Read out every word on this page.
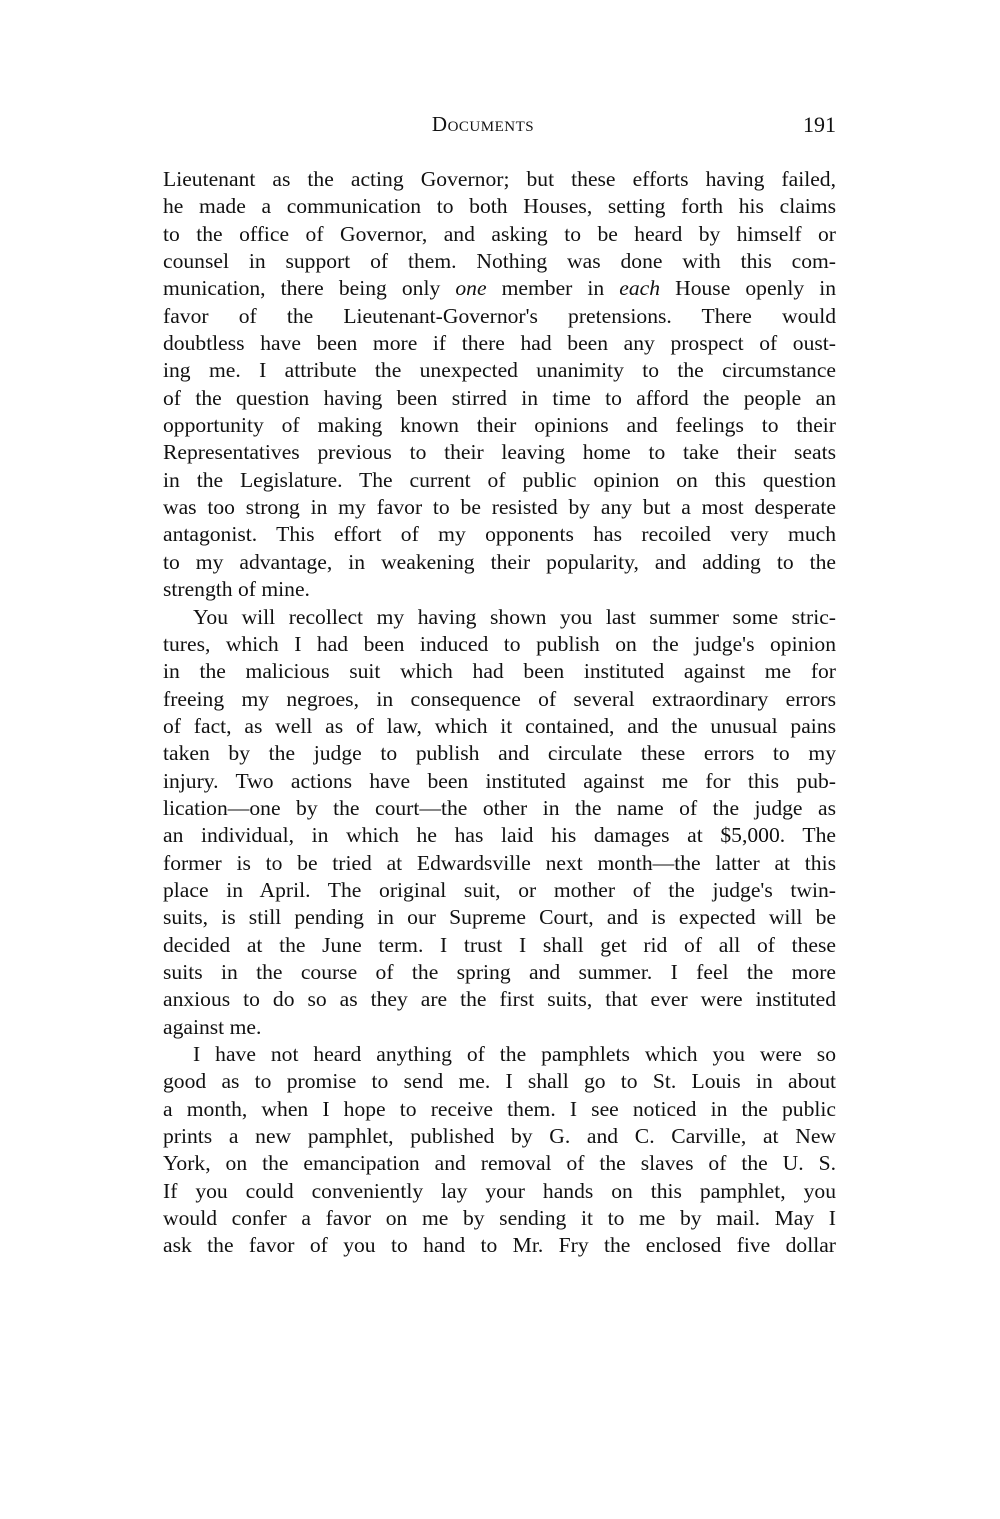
Documents	191
Lieutenant as the acting Governor; but these efforts having failed,
he made a communication to both Houses, setting forth his claims
to the office of Governor, and asking to be heard by himself or
counsel in support of them. Nothing was done with this com-
munication, there being only one member in each House openly in
favor of the Lieutenant-Governor's pretensions. There would
doubtless have been more if there had been any prospect of oust-
ing me. I attribute the unexpected unanimity to the circumstance
of the question having been stirred in time to afford the people an
opportunity of making known their opinions and feelings to their
Representatives previous to their leaving home to take their seats
in the Legislature. The current of public opinion on this question
was too strong in my favor to be resisted by any but a most desperate
antagonist. This effort of my opponents has recoiled very much
to my advantage, in weakening their popularity, and adding to the
strength of mine.
You will recollect my having shown you last summer some stric-
tures, which I had been induced to publish on the judge's opinion
in the malicious suit which had been instituted against me for
freeing my negroes, in consequence of several extraordinary errors
of fact, as well as of law, which it contained, and the unusual pains
taken by the judge to publish and circulate these errors to my
injury. Two actions have been instituted against me for this pub-
lication—one by the court—the other in the name of the judge as
an individual, in which he has laid his damages at $5,000. The
former is to be tried at Edwardsville next month—the latter at this
place in April. The original suit, or mother of the judge's twin-
suits, is still pending in our Supreme Court, and is expected will be
decided at the June term. I trust I shall get rid of all of these
suits in the course of the spring and summer. I feel the more
anxious to do so as they are the first suits, that ever were instituted
against me.
I have not heard anything of the pamphlets which you were so
good as to promise to send me. I shall go to St. Louis in about
a month, when I hope to receive them. I see noticed in the public
prints a new pamphlet, published by G. and C. Carville, at New
York, on the emancipation and removal of the slaves of the U. S.
If you could conveniently lay your hands on this pamphlet, you
would confer a favor on me by sending it to me by mail. May I
ask the favor of you to hand to Mr. Fry the enclosed five dollar
